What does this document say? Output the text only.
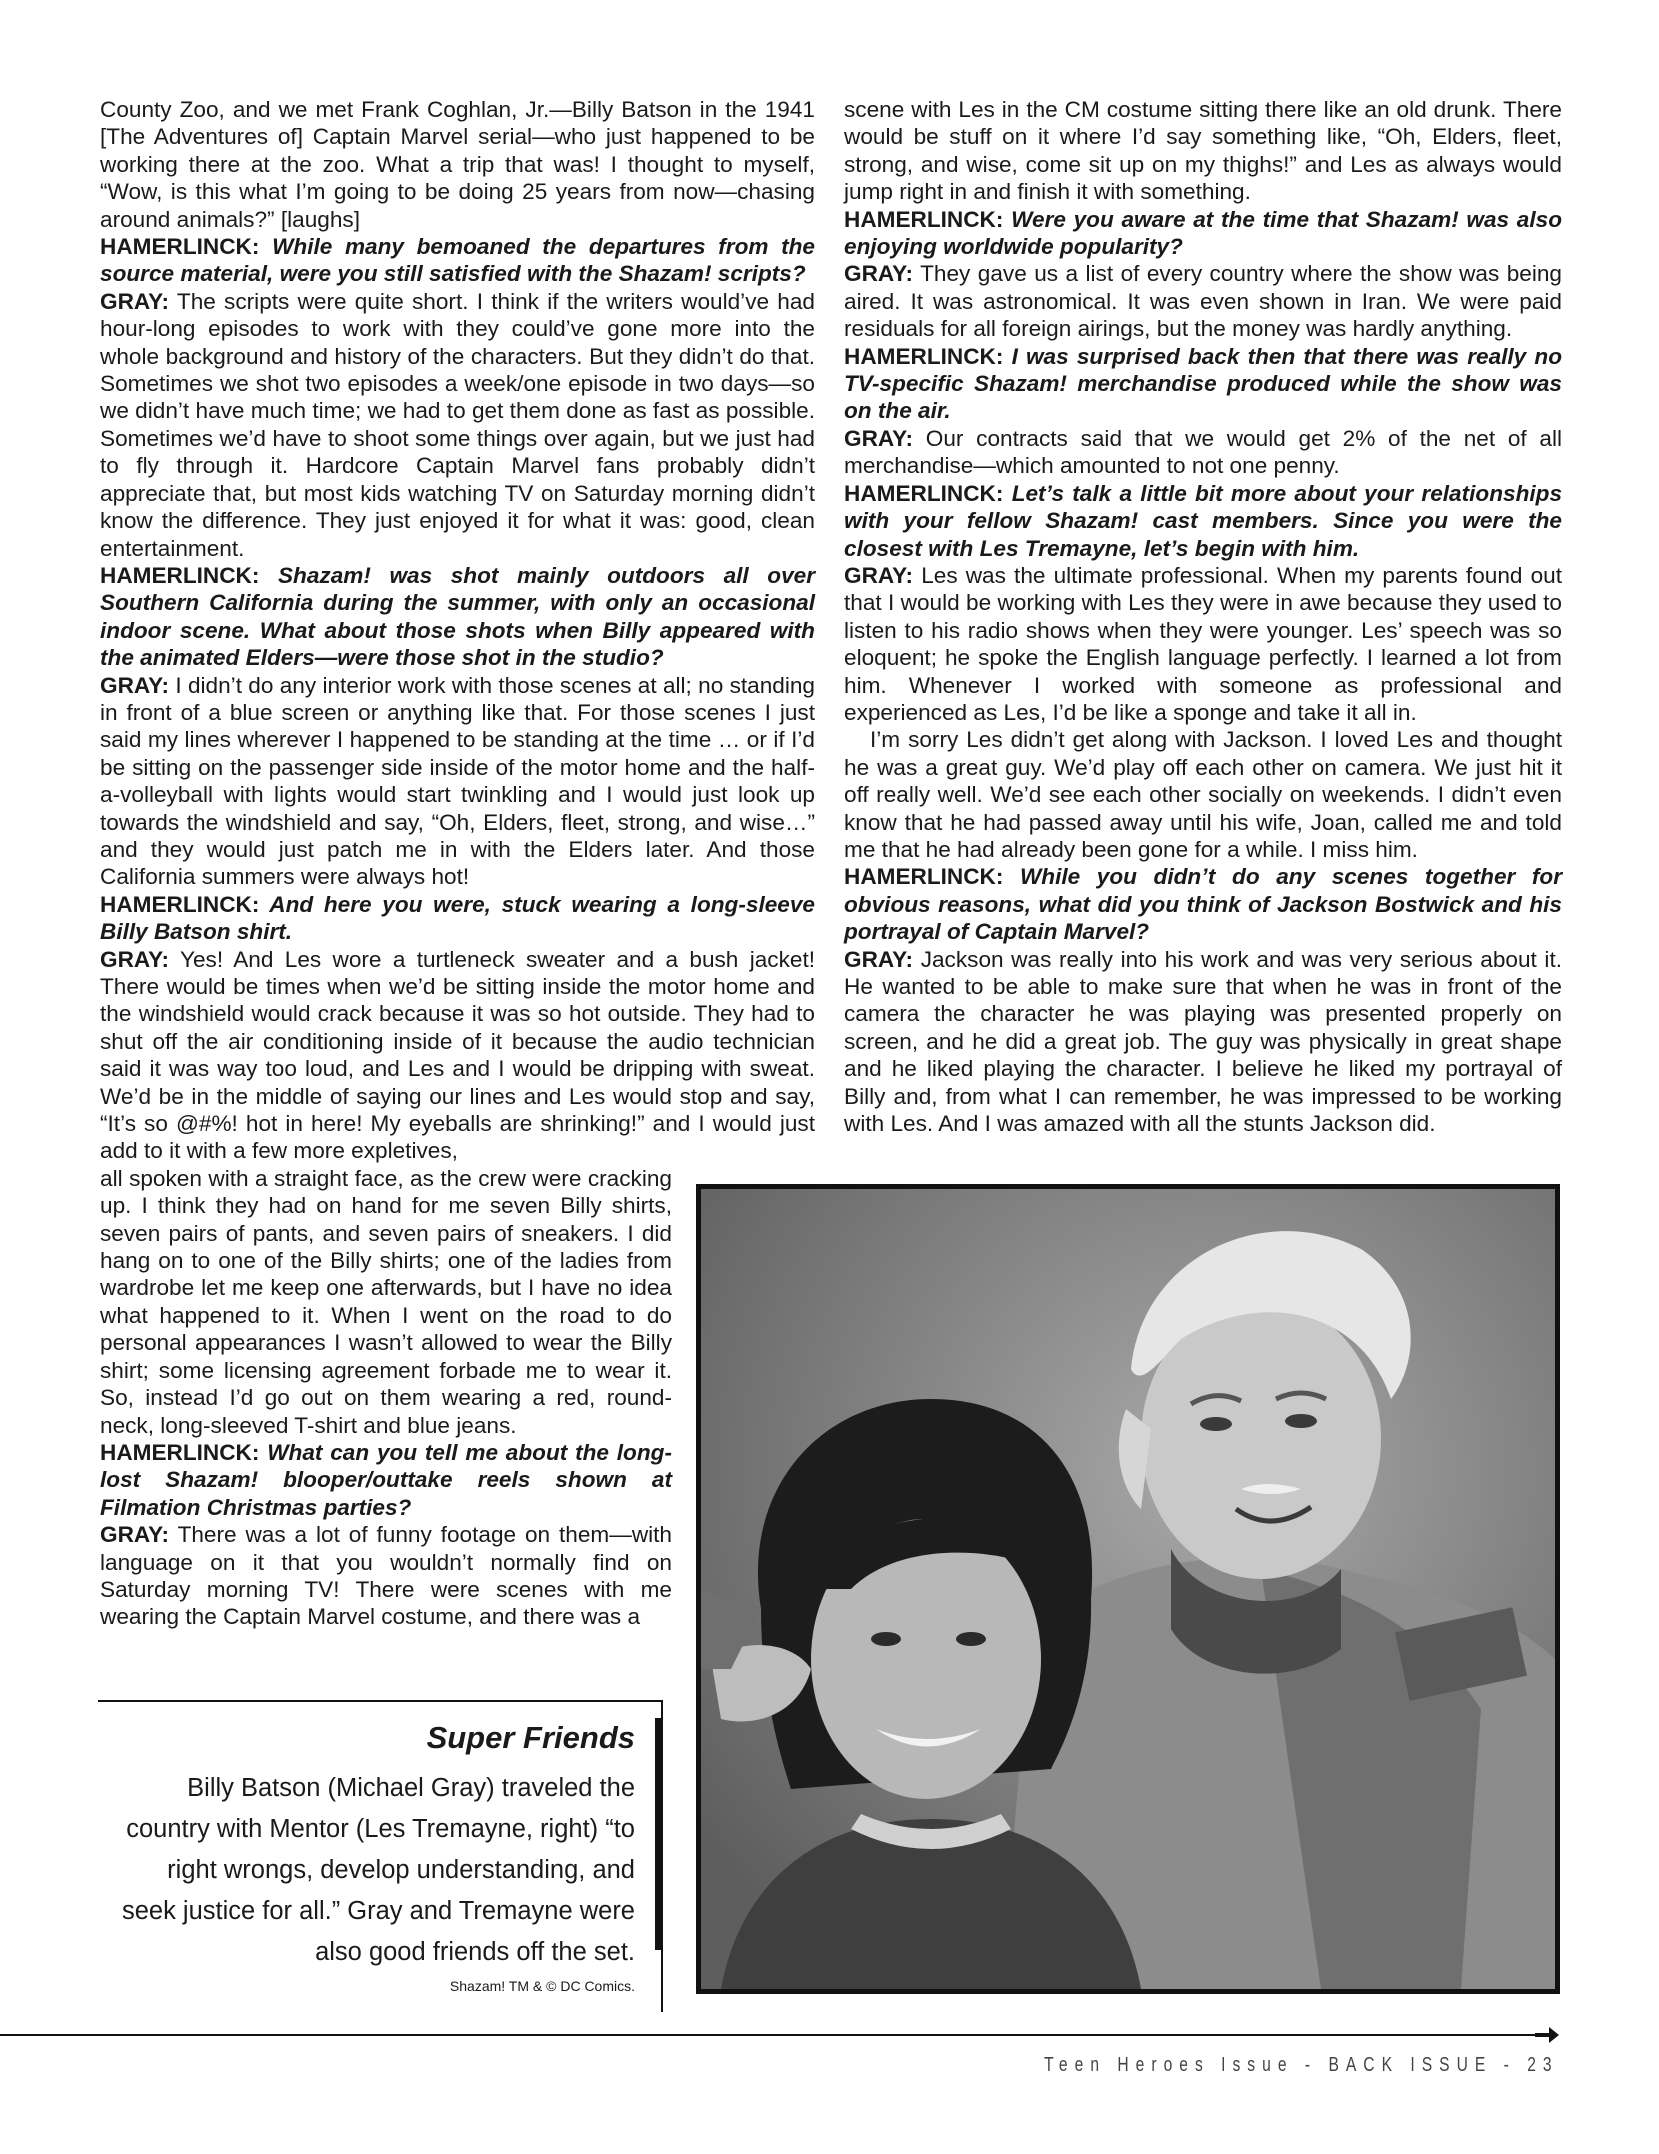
County Zoo, and we met Frank Coghlan, Jr.—Billy Batson in the 1941 [The Adventures of] Captain Marvel serial—who just happened to be working there at the zoo. What a trip that was! I thought to myself, “Wow, is this what I’m going to be doing 25 years from now—chasing around animals?” [laughs]

HAMERLINCK: While many bemoaned the departures from the source material, were you still satisfied with the Shazam! scripts?

GRAY: The scripts were quite short. I think if the writers would’ve had hour-long episodes to work with they could’ve gone more into the whole background and history of the characters. But they didn’t do that. Sometimes we shot two episodes a week/one episode in two days—so we didn’t have much time; we had to get them done as fast as possible. Sometimes we’d have to shoot some things over again, but we just had to fly through it. Hardcore Captain Marvel fans probably didn’t appreciate that, but most kids watching TV on Saturday morning didn’t know the difference. They just enjoyed it for what it was: good, clean entertainment.

HAMERLINCK: Shazam! was shot mainly outdoors all over Southern California during the summer, with only an occasional indoor scene. What about those shots when Billy appeared with the animated Elders—were those shot in the studio?

GRAY: I didn’t do any interior work with those scenes at all; no standing in front of a blue screen or anything like that. For those scenes I just said my lines wherever I happened to be standing at the time … or if I’d be sitting on the passenger side inside of the motor home and the half-a-volleyball with lights would start twinkling and I would just look up towards the windshield and say, “Oh, Elders, fleet, strong, and wise…” and they would just patch me in with the Elders later. And those California summers were always hot!

HAMERLINCK: And here you were, stuck wearing a long-sleeve Billy Batson shirt.

GRAY: Yes! And Les wore a turtleneck sweater and a bush jacket! There would be times when we’d be sitting inside the motor home and the windshield would crack because it was so hot outside. They had to shut off the air conditioning inside of it because the audio technician said it was way too loud, and Les and I would be dripping with sweat. We’d be in the middle of saying our lines and Les would stop and say, “It’s so @#%! hot in here! My eyeballs are shrinking!” and I would just add to it with a few more expletives,

all spoken with a straight face, as the crew were cracking up. I think they had on hand for me seven Billy shirts, seven pairs of pants, and seven pairs of sneakers. I did hang on to one of the Billy shirts; one of the ladies from wardrobe let me keep one afterwards, but I have no idea what happened to it. When I went on the road to do personal appearances I wasn’t allowed to wear the Billy shirt; some licensing agreement forbade me to wear it. So, instead I’d go out on them wearing a red, round-neck, long-sleeved T-shirt and blue jeans.

HAMERLINCK: What can you tell me about the long-lost Shazam! blooper/outtake reels shown at Filmation Christmas parties?

GRAY: There was a lot of funny footage on them—with language on it that you wouldn’t normally find on Saturday morning TV! There were scenes with me wearing the Captain Marvel costume, and there was a

scene with Les in the CM costume sitting there like an old drunk. There would be stuff on it where I’d say something like, “Oh, Elders, fleet, strong, and wise, come sit up on my thighs!” and Les as always would jump right in and finish it with something.

HAMERLINCK: Were you aware at the time that Shazam! was also enjoying worldwide popularity?

GRAY: They gave us a list of every country where the show was being aired. It was astronomical. It was even shown in Iran. We were paid residuals for all foreign airings, but the money was hardly anything.

HAMERLINCK: I was surprised back then that there was really no TV-specific Shazam! merchandise produced while the show was on the air.

GRAY: Our contracts said that we would get 2% of the net of all merchandise—which amounted to not one penny.

HAMERLINCK: Let’s talk a little bit more about your relationships with your fellow Shazam! cast members. Since you were the closest with Les Tremayne, let’s begin with him.

GRAY: Les was the ultimate professional. When my parents found out that I would be working with Les they were in awe because they used to listen to his radio shows when they were younger. Les’ speech was so eloquent; he spoke the English language perfectly. I learned a lot from him. Whenever I worked with someone as professional and experienced as Les, I’d be like a sponge and take it all in.

I’m sorry Les didn’t get along with Jackson. I loved Les and thought he was a great guy. We’d play off each other on camera. We just hit it off really well. We’d see each other socially on weekends. I didn’t even know that he had passed away until his wife, Joan, called me and told me that he had already been gone for a while. I miss him.

HAMERLINCK: While you didn’t do any scenes together for obvious reasons, what did you think of Jackson Bostwick and his portrayal of Captain Marvel?

GRAY: Jackson was really into his work and was very serious about it. He wanted to be able to make sure that when he was in front of the camera the character he was playing was presented properly on screen, and he did a great job. The guy was physically in great shape and he liked playing the character. I believe he liked my portrayal of Billy and, from what I can remember, he was impressed to be working with Les. And I was amazed with all the stunts Jackson did.

Super Friends
Billy Batson (Michael Gray) traveled the country with Mentor (Les Tremayne, right) “to right wrongs, develop understanding, and seek justice for all.” Gray and Tremayne were also good friends off the set.
Shazam! TM & © DC Comics.
Teen Heroes Issue - BACK ISSUE - 23
